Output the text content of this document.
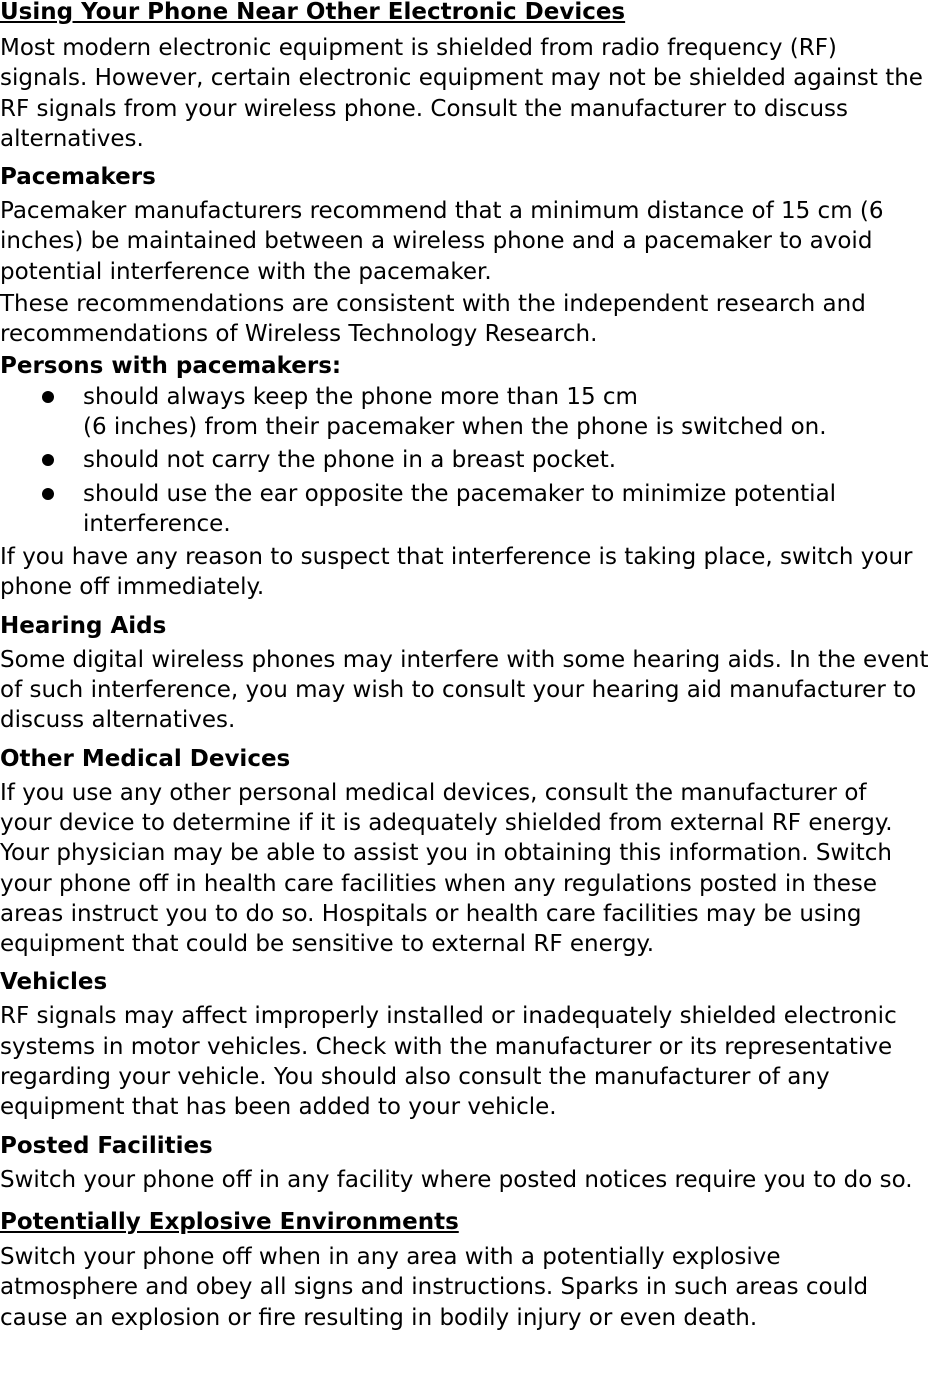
Using Your Phone Near Other Electronic Devices

Most modern electronic equipment is shielded from radio frequency (RF) signals. However, certain electronic equipment may not be shielded against the RF signals from your wireless phone. Consult the manufacturer to discuss alternatives.

Pacemakers

Pacemaker manufacturers recommend that a minimum distance of 15 cm (6 inches) be maintained between a wireless phone and a pacemaker to avoid potential interference with the pacemaker.

These recommendations are consistent with the independent research and recommendations of Wireless Technology Research.

Persons with pacemakers:
should always keep the phone more than 15 cm
(6 inches) from their pacemaker when the phone is switched on.
should not carry the phone in a breast pocket.
should use the ear opposite the pacemaker to minimize potential
interference.

If you have any reason to suspect that interference is taking place, switch your phone off immediately.

Hearing Aids

Some digital wireless phones may interfere with some hearing aids. In the event of such interference, you may wish to consult your hearing aid manufacturer to discuss alternatives.

Other Medical Devices

If you use any other personal medical devices, consult the manufacturer of your device to determine if it is adequately shielded from external RF energy. Your physician may be able to assist you in obtaining this information. Switch your phone off in health care facilities when any regulations posted in these areas instruct you to do so. Hospitals or health care facilities may be using equipment that could be sensitive to external RF energy.

Vehicles

RF signals may affect improperly installed or inadequately shielded electronic systems in motor vehicles. Check with the manufacturer or its representative regarding your vehicle. You should also consult the manufacturer of any equipment that has been added to your vehicle.

Posted Facilities

Switch your phone off in any facility where posted notices require you to do so.

Potentially Explosive Environments

Switch your phone off when in any area with a potentially explosive atmosphere and obey all signs and instructions. Sparks in such areas could cause an explosion or fire resulting in bodily injury or even death.
